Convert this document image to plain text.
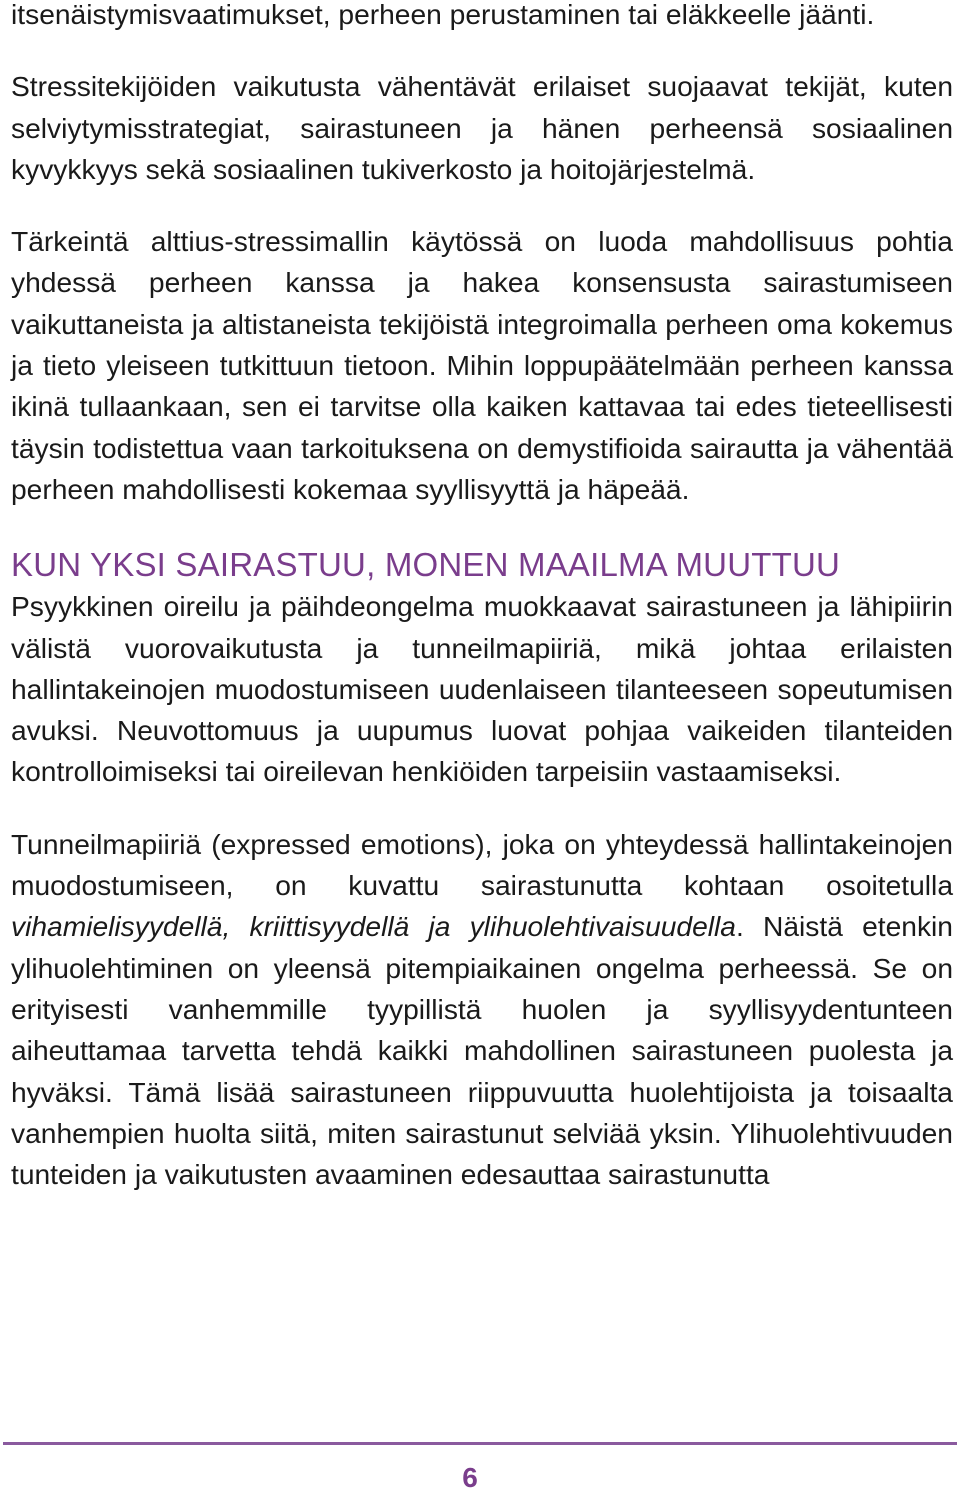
itsenäistymisvaatimukset, perheen perustaminen tai eläkkeelle jäänti.

Stressitekijöiden vaikutusta vähentävät erilaiset suojaavat tekijät, kuten selviytymisstrategiat, sairastuneen ja hänen perheensä sosiaalinen kyvykkyys sekä sosiaalinen tukiverkosto ja hoitojärjestelmä.

Tärkeintä alttius-stressimallin käytössä on luoda mahdollisuus pohtia yhdessä perheen kanssa ja hakea konsensusta sairastumiseen vaikuttaneista ja altistaneista tekijöistä integroimalla perheen oma kokemus ja tieto yleiseen tutkittuun tietoon. Mihin loppupäätelmään perheen kanssa ikinä tullaankaan, sen ei tarvitse olla kaiken kattavaa tai edes tieteellisesti täysin todistettua vaan tarkoituksena on demystifioida sairautta ja vähentää perheen mahdollisesti kokemaa syyllisyyttä ja häpeää.

KUN YKSI SAIRASTUU, MONEN MAAILMA MUUTTUU

Psyykkinen oireilu ja päihdeongelma muokkaavat sairastuneen ja lähipiirin välistä vuorovaikutusta ja tunneilmapiiriä, mikä johtaa erilaisten hallintakeinojen muodostumiseen uudenlaiseen tilanteeseen sopeutumisen avuksi. Neuvottomuus ja uupumus luovat pohjaa vaikeiden tilanteiden kontrolloimiseksi tai oireilevan henkiöiden tarpeisiin vastaamiseksi.

Tunneilmapiiriä (expressed emotions), joka on yhteydessä hallintakeinojen muodostumiseen, on kuvattu sairastunutta kohtaan osoitetulla vihamielisyydellä, kriittisyydellä ja ylihuolehtivaisuudella. Näistä etenkin ylihuolehtiminen on yleensä pitempiaikainen ongelma perheessä. Se on erityisesti vanhemmille tyypillistä huolen ja syyllisyydentunteen aiheuttamaa tarvetta tehdä kaikki mahdollinen sairastuneen puolesta ja hyväksi. Tämä lisää sairastuneen riippuvuutta huolehtijoista ja toisaalta vanhempien huolta siitä, miten sairastunut selviää yksin. Ylihuolehtivuuden tunteiden ja vaikutusten avaaminen edesauttaa sairastunutta

6
